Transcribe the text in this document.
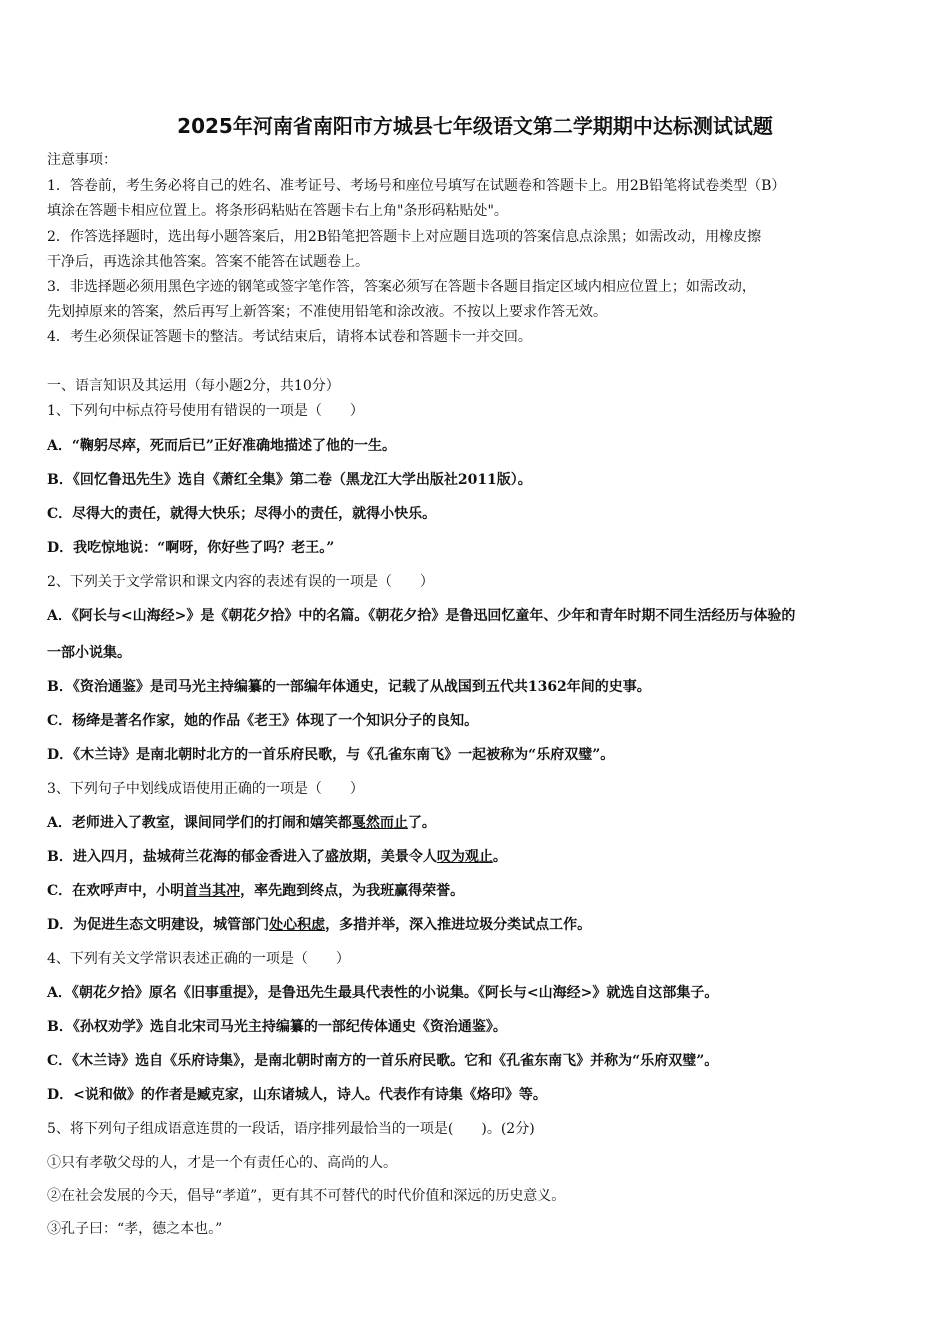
2025年河南省南阳市方城县七年级语文第二学期期中达标测试试题
注意事项：
1．答卷前，考生务必将自己的姓名、准考证号、考场号和座位号填写在试题卷和答题卡上。用2B铅笔将试卷类型（B）
填涂在答题卡相应位置上。将条形码粘贴在答题卡右上角"条形码粘贴处"。
2．作答选择题时，选出每小题答案后，用2B铅笔把答题卡上对应题目选项的答案信息点涂黑；如需改动，用橡皮擦
干净后，再选涂其他答案。答案不能答在试题卷上。
3．非选择题必须用黑色字迹的钢笔或签字笔作答，答案必须写在答题卡各题目指定区域内相应位置上；如需改动，
先划掉原来的答案，然后再写上新答案；不准使用铅笔和涂改液。不按以上要求作答无效。
4．考生必须保证答题卡的整洁。考试结束后，请将本试卷和答题卡一并交回。
一、语言知识及其运用（每小题2分，共10分）
1、下列句中标点符号使用有错误的一项是（　　）
A．“鞠躬尽瘁，死而后已”正好准确地描述了他的一生。
B．《回忆鲁迅先生》选自《萧红全集》第二卷（黑龙江大学出版社2011版）。
C．尽得大的责任，就得大快乐；尽得小的责任，就得小快乐。
D．我吃惊地说：“啊呀，你好些了吗？老王。”
2、下列关于文学常识和课文内容的表述有误的一项是（　　）
A．《阿长与<山海经>》是《朝花夕拾》中的名篇。《朝花夕拾》是鲁迅回忆童年、少年和青年时期不同生活经历与体验的
一部小说集。
B．《资治通鉴》是司马光主持编纂的一部编年体通史，记载了从战国到五代共1362年间的史事。
C．杨绛是著名作家，她的作品《老王》体现了一个知识分子的良知。
D．《木兰诗》是南北朝时北方的一首乐府民歌，与《孔雀东南飞》一起被称为“乐府双璧”。
3、下列句子中划线成语使用正确的一项是（　　）
A．老师进入了教室，课间同学们的打闹和嬉笑都戛然而止了。
B．进入四月，盐城荷兰花海的郁金香进入了盛放期，美景令人叹为观止。
C．在欢呼声中，小明首当其冲，率先跑到终点，为我班赢得荣誉。
D．为促进生态文明建设，城管部门处心积虑，多措并举，深入推进垃圾分类试点工作。
4、下列有关文学常识表述正确的一项是（　　）
A．《朝花夕拾》原名《旧事重提》，是鲁迅先生最具代表性的小说集。《阿长与<山海经>》就选自这部集子。
B．《孙权劝学》选自北宋司马光主持编纂的一部纪传体通史《资治通鉴》。
C．《木兰诗》选自《乐府诗集》，是南北朝时南方的一首乐府民歌。它和《孔雀东南飞》并称为“乐府双璧”。
D．<说和做》的作者是臧克家，山东诸城人，诗人。代表作有诗集《烙印》等。
5、将下列句子组成语意连贯的一段话，语序排列最恰当的一项是(　　)。(2分)
①只有孝敬父母的人，才是一个有责任心的、高尚的人。
②在社会发展的今天，倡导“孝道”，更有其不可替代的时代价值和深远的历史意义。
③孔子曰：“孝，德之本也。”
